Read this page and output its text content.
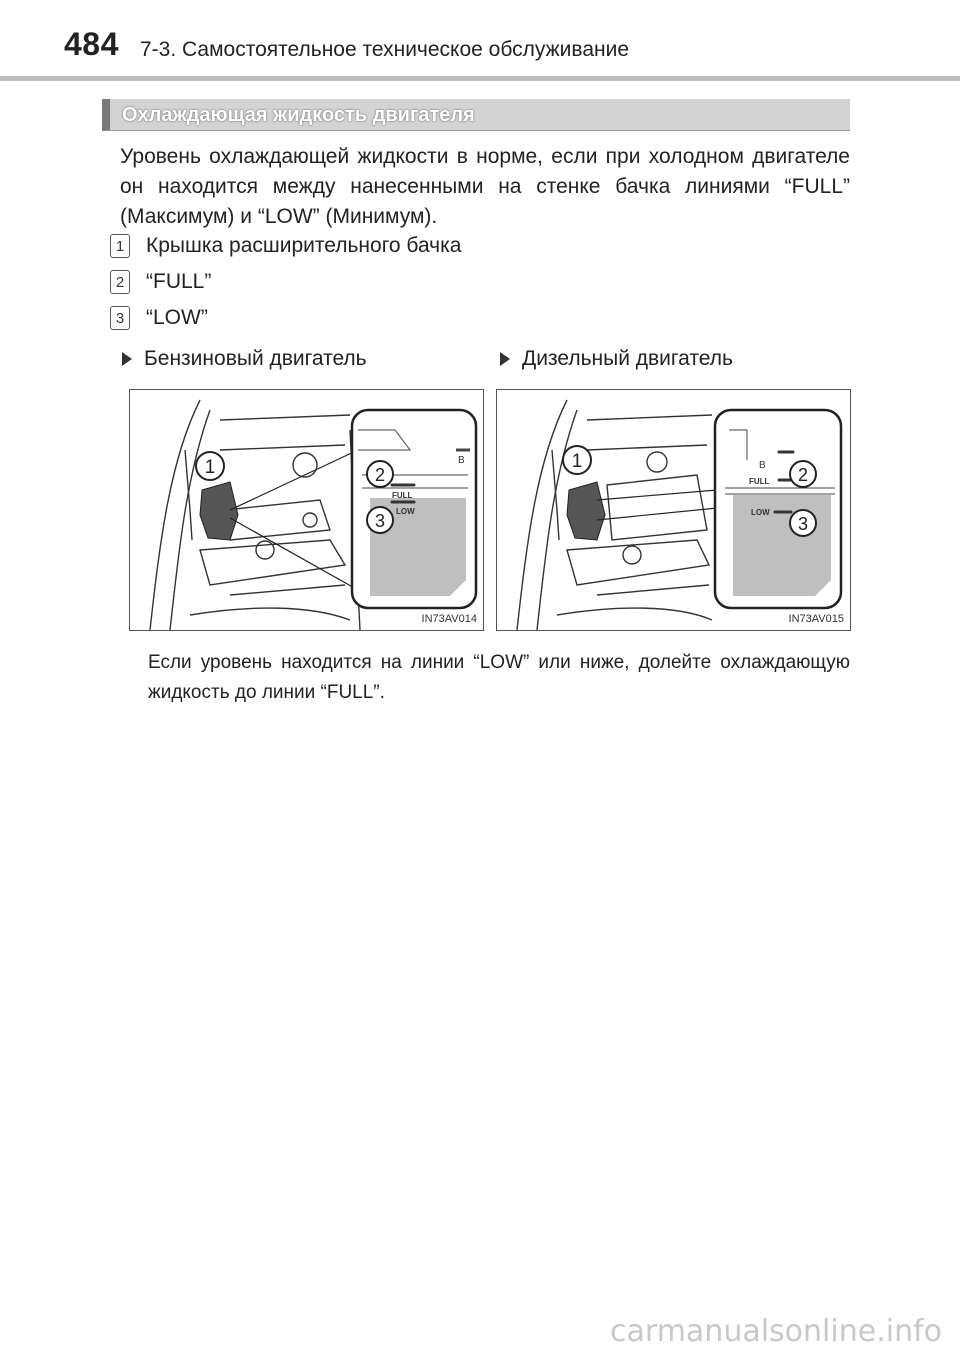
484 7-3. Самостоятельное техническое обслуживание
Охлаждающая жидкость двигателя
Уровень охлаждающей жидкости в норме, если при холодном двигателе он находится между нанесенными на стенке бачка линиями “FULL” (Максимум) и “LOW” (Минимум).
1 Крышка расширительного бачка
2 “FULL”
3 “LOW”
Бензиновый двигатель
B
FULL
LOW
1	2
3
IN73AV014
Дизельный двигатель
B
FULL
LOW
1
2
3
IN73AV015
Если уровень находится на линии “LOW” или ниже, долейте охлаждающую жидкость до линии “FULL”.
carmanualsonline.info
